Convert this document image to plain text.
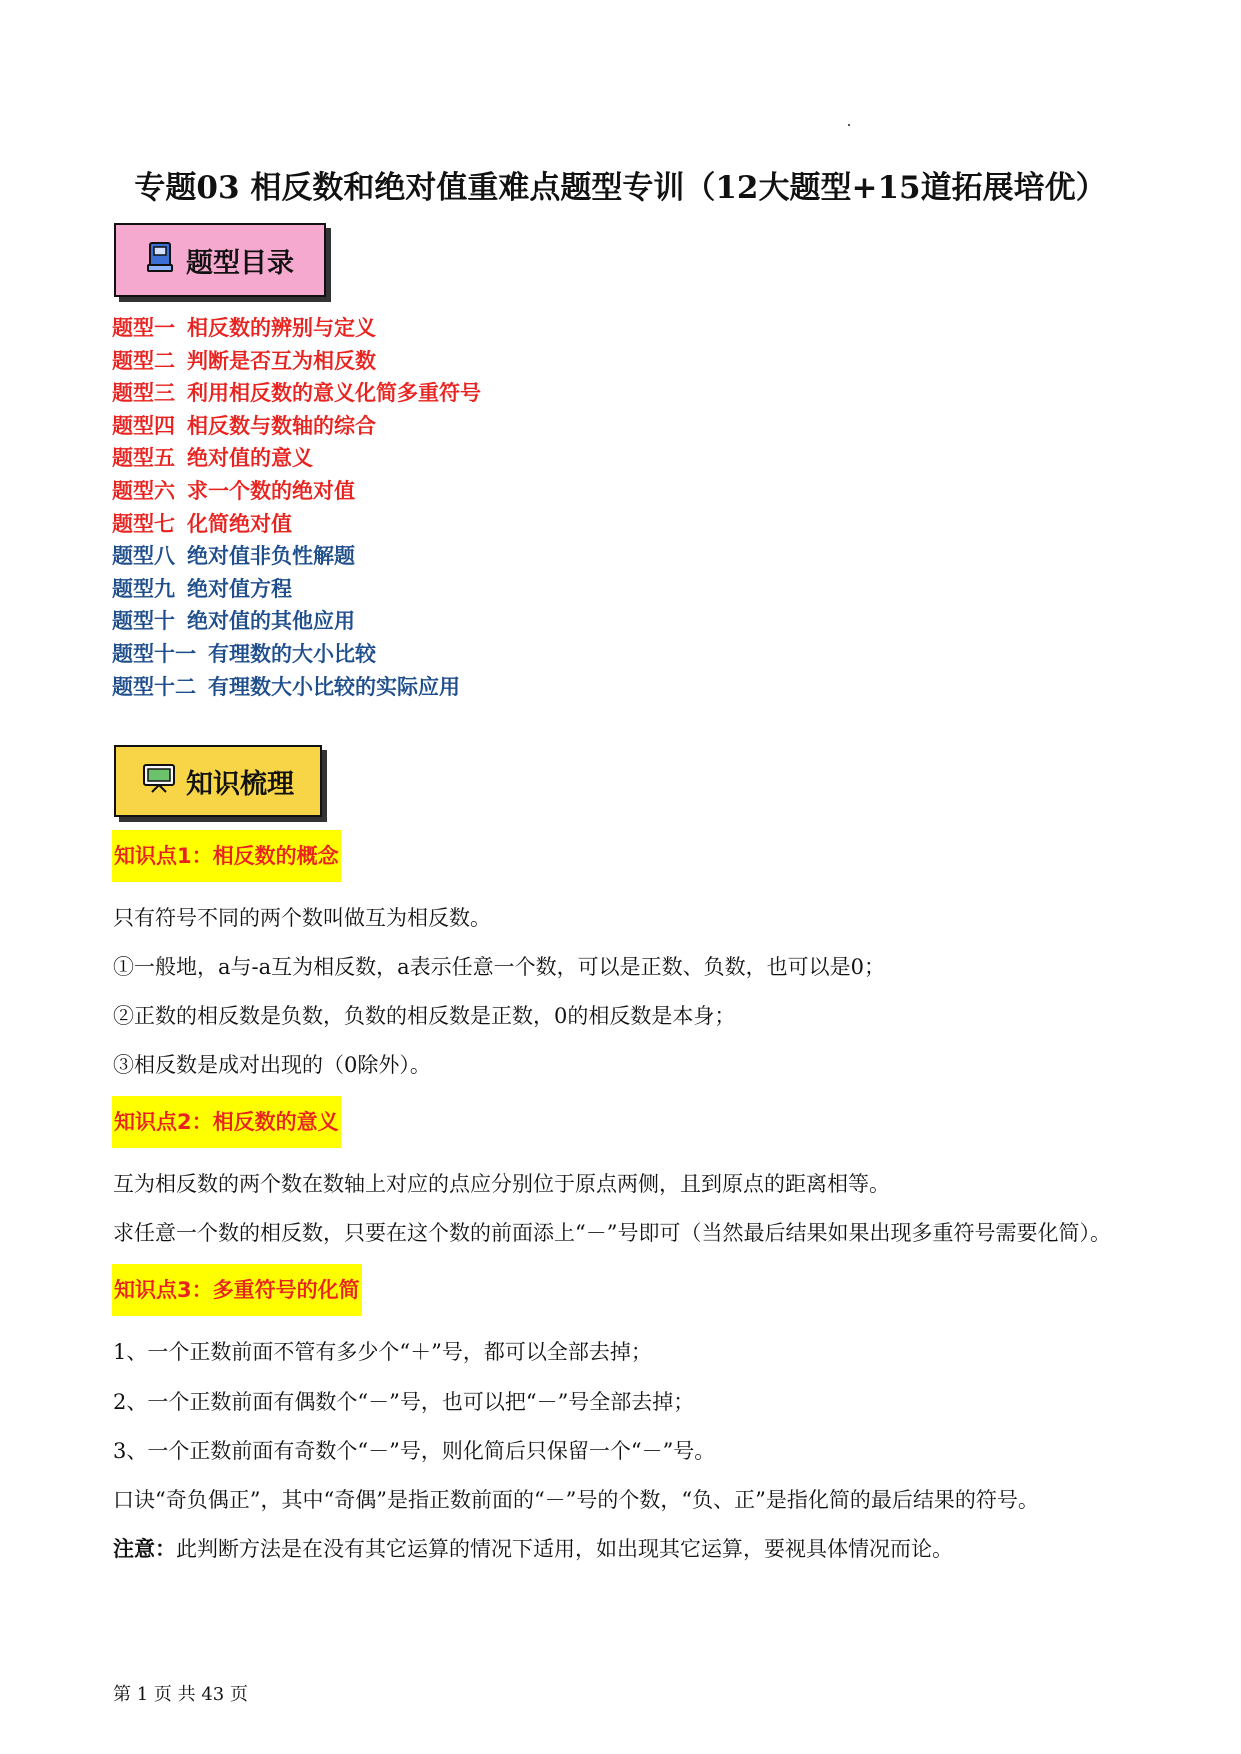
专题03 相反数和绝对值重难点题型专训（12大题型+15道拓展培优）
题型目录
题型一 相反数的辨别与定义
题型二 判断是否互为相反数
题型三 利用相反数的意义化简多重符号
题型四 相反数与数轴的综合
题型五 绝对值的意义
题型六 求一个数的绝对值
题型七 化简绝对值
题型八 绝对值非负性解题
题型九 绝对值方程
题型十 绝对值的其他应用
题型十一 有理数的大小比较
题型十二 有理数大小比较的实际应用
知识梳理
知识点1：相反数的概念
只有符号不同的两个数叫做互为相反数。
①一般地，a与-a互为相反数，a表示任意一个数，可以是正数、负数，也可以是0；
②正数的相反数是负数，负数的相反数是正数，0的相反数是本身；
③相反数是成对出现的（0除外）。
知识点2：相反数的意义
互为相反数的两个数在数轴上对应的点应分别位于原点两侧，且到原点的距离相等。
求任意一个数的相反数，只要在这个数的前面添上“－”号即可（当然最后结果如果出现多重符号需要化简）。
知识点3：多重符号的化简
1、一个正数前面不管有多少个“＋”号，都可以全部去掉；
2、一个正数前面有偶数个“－”号，也可以把“－”号全部去掉；
3、一个正数前面有奇数个“－”号，则化简后只保留一个“－”号。
口诀“奇负偶正”，其中“奇偶”是指正数前面的“－”号的个数，“负、正”是指化简的最后结果的符号。
注意：此判断方法是在没有其它运算的情况下适用，如出现其它运算，要视具体情况而论。
第 1 页 共 43 页
